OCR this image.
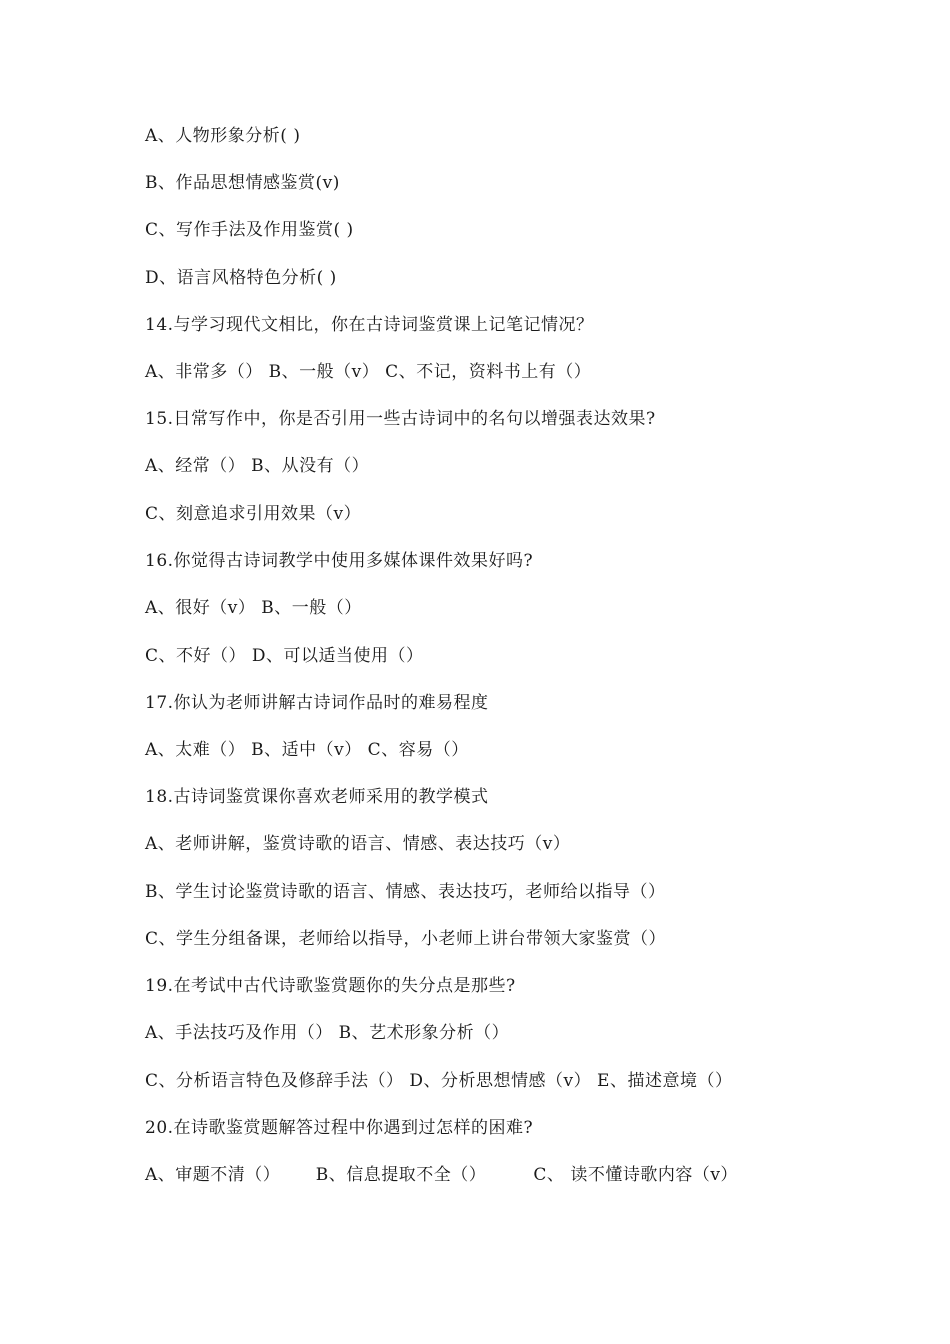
A、人物形象分析( )
B、作品思想情感鉴赏(v)
C、写作手法及作用鉴赏( )
D、语言风格特色分析( )
14.与学习现代文相比，你在古诗词鉴赏课上记笔记情况？
A、非常多（） B、一般（v） C、不记，资料书上有（）
15.日常写作中，你是否引用一些古诗词中的名句以增强表达效果?
A、经常（） B、从没有（）
C、刻意追求引用效果（v）
16.你觉得古诗词教学中使用多媒体课件效果好吗?
A、很好（v） B、一般（）
C、不好（） D、可以适当使用（）
17.你认为老师讲解古诗词作品时的难易程度
A、太难（） B、适中（v） C、容易（）
18.古诗词鉴赏课你喜欢老师采用的教学模式
A、老师讲解，鉴赏诗歌的语言、情感、表达技巧（v）
B、学生讨论鉴赏诗歌的语言、情感、表达技巧，老师给以指导（）
C、学生分组备课，老师给以指导，小老师上讲台带领大家鉴赏（）
19.在考试中古代诗歌鉴赏题你的失分点是那些?
A、手法技巧及作用（） B、艺术形象分析（）
C、分析语言特色及修辞手法（） D、分析思想情感（v） E、描述意境（）
20.在诗歌鉴赏题解答过程中你遇到过怎样的困难?
A、审题不清（）      B、信息提取不全（）        C、 读不懂诗歌内容（v）
